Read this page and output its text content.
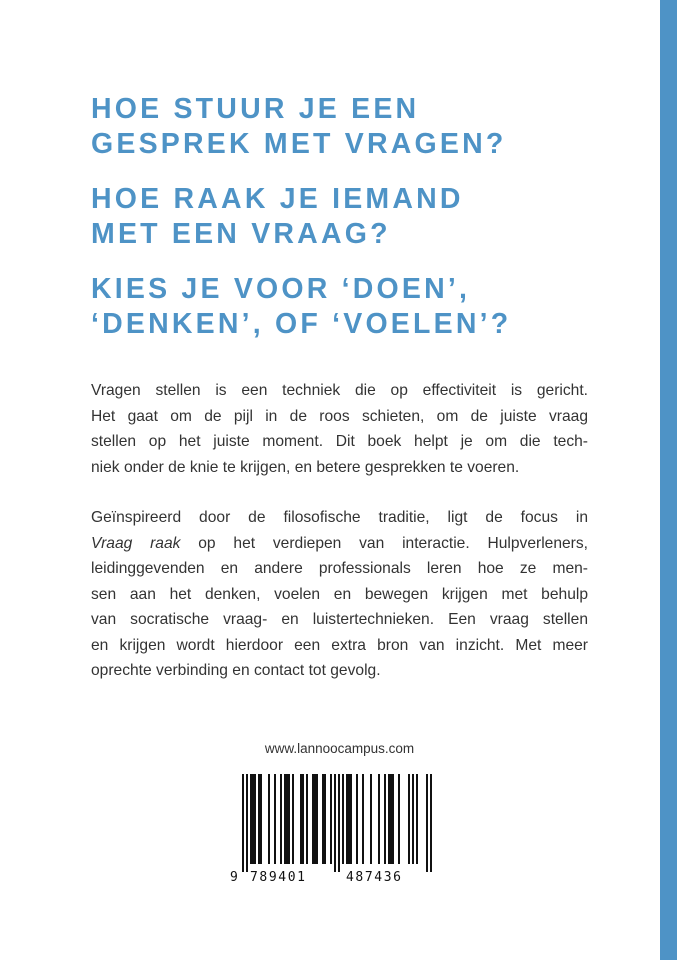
HOE STUUR JE EEN
GESPREK MET VRAGEN?
HOE RAAK JE IEMAND
MET EEN VRAAG?
KIES JE VOOR ‘DOEN’,
‘DENKEN’, OF ‘VOELEN’?
Vragen stellen is een techniek die op effectiviteit is gericht.
Het gaat om de pijl in de roos schieten, om de juiste vraag
stellen op het juiste moment. Dit boek helpt je om die tech-
niek onder de knie te krijgen, en betere gesprekken te voeren.
Geïnspireerd door de filosofische traditie, ligt de focus in
Vraag raak op het verdiepen van interactie. Hulpverleners,
leidinggevenden en andere professionals leren hoe ze men-
sen aan het denken, voelen en bewegen krijgen met behulp
van socratische vraag- en luistertechnieken. Een vraag stellen
en krijgen wordt hierdoor een extra bron van inzicht. Met meer
oprechte verbinding en contact tot gevolg.
www.lannoocampus.com
9 789401	487436
